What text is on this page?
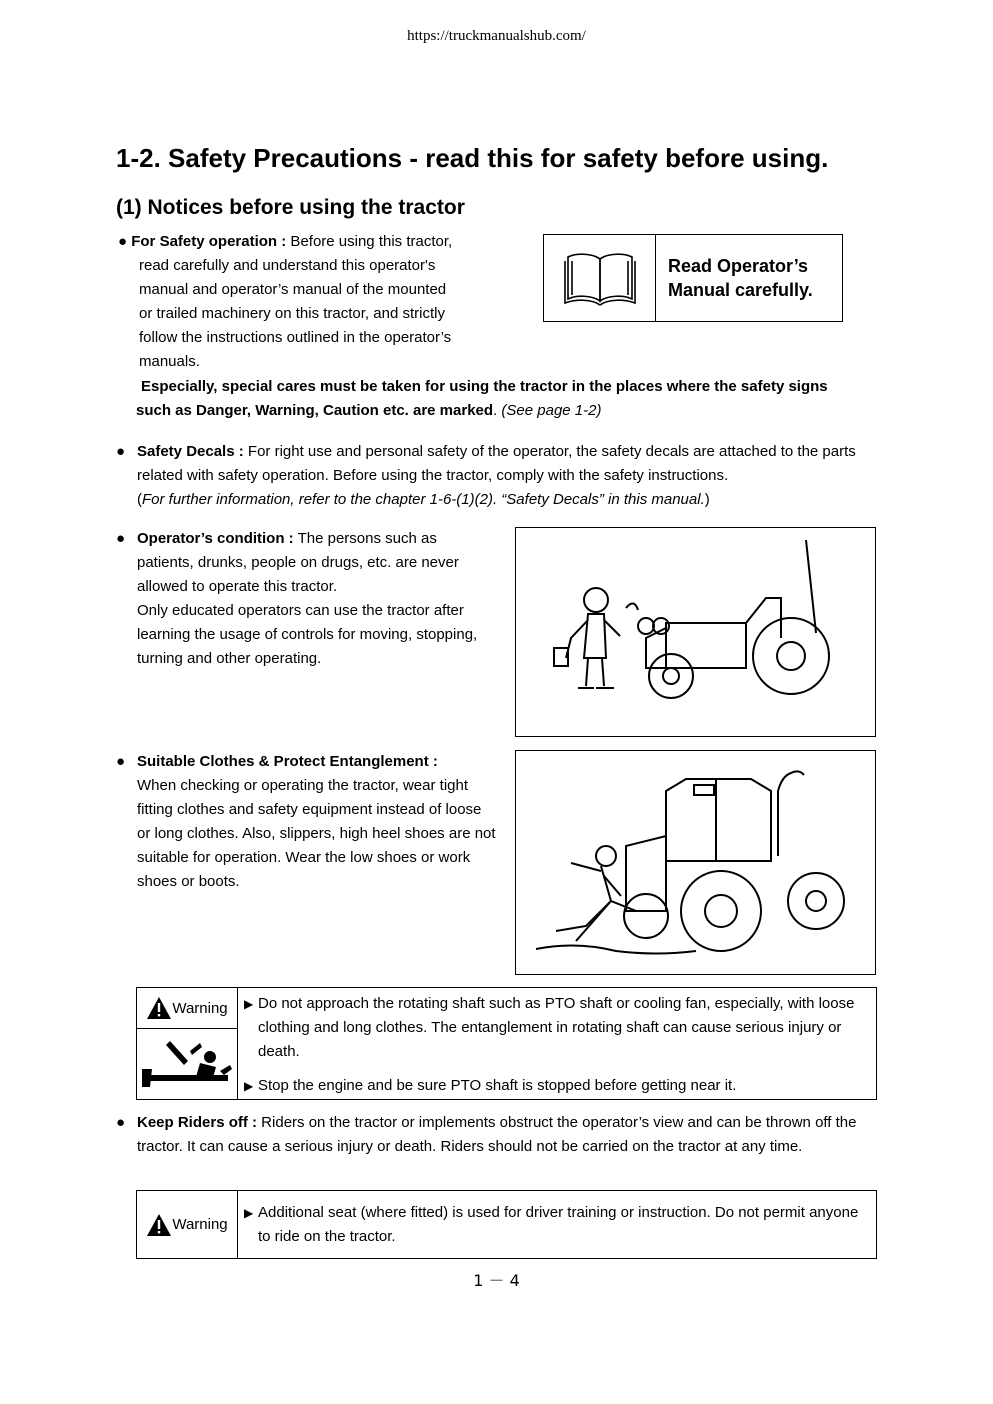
https://truckmanualshub.com/
1-2. Safety Precautions - read this for safety before using.
(1) Notices before using the tractor
● For Safety operation : Before using this tractor,
read carefully and understand this operator's
manual and operator’s manual of the mounted
or trailed machinery on this tractor, and strictly
follow the instructions outlined in the operator’s
manuals.
Especially, special cares must be taken for using the tractor in the places where the safety signs such as Danger, Warning, Caution etc. are marked. (See page 1-2)
Read Operator’s
Manual carefully.
● Safety Decals : For right use and personal safety of the operator, the safety decals are attached to the parts related with safety operation. Before using the tractor, comply with the safety instructions.
(For further information, refer to the chapter 1-6-(1)(2). “Safety Decals” in this manual.)
● Operator’s condition : The persons such as patients, drunks, people on drugs, etc. are never allowed to operate this tractor.
Only educated operators can use the tractor after learning the usage of controls for moving, stopping, turning and other operating.
● Suitable Clothes & Protect Entanglement :
When checking or operating the tractor, wear tight fitting clothes and safety equipment instead of loose or long clothes. Also, slippers, high heel shoes are not suitable for operation. Wear the low shoes or work shoes or boots.
Warning ▶ Do not approach the rotating shaft such as PTO shaft or cooling fan, especially, with loose clothing and long clothes. The entanglement in rotating shaft can cause serious injury or death.
▶ Stop the engine and be sure PTO shaft is stopped before getting near it.
● Keep Riders off : Riders on the tractor or implements obstruct the operator’s view and can be thrown off the tractor. It can cause a serious injury or death. Riders should not be carried on the tractor at any time.
Warning
▶ Additional seat (where fitted) is used for driver training or instruction. Do not permit anyone to ride on the tractor.
1 － 4
